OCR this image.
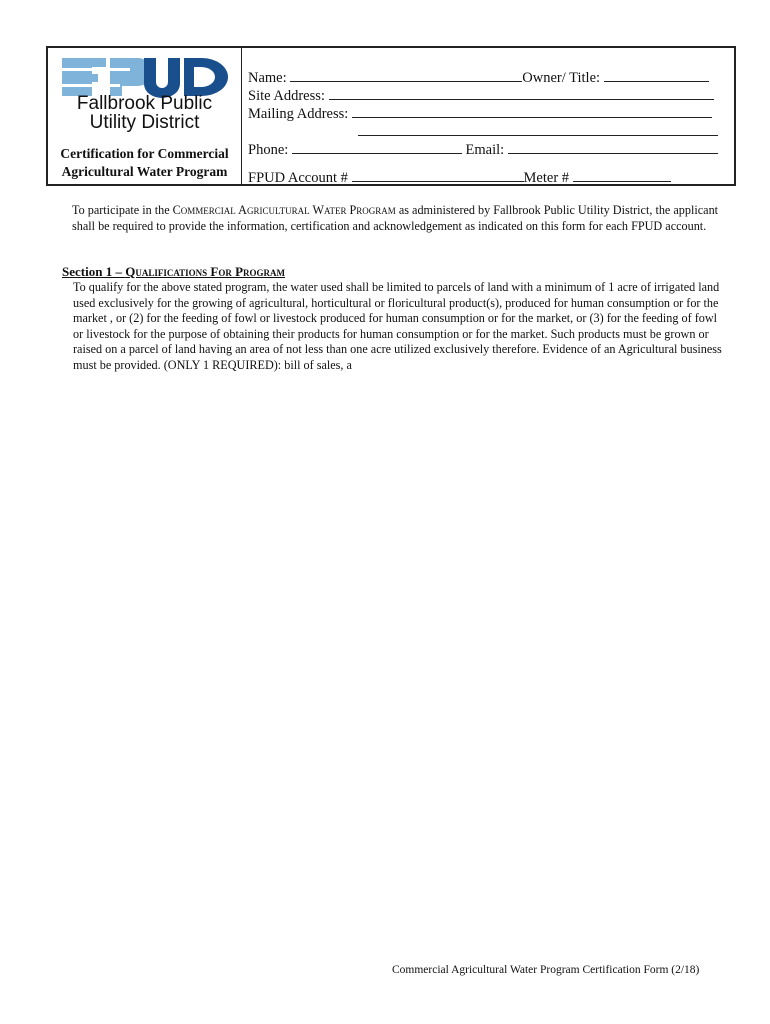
Fallbrook Public
Utility District
Certification for Commercial
Agricultural Water Program
Name:	Owner/ Title:
Site Address:
Mailing Address:
Phone:	Email:
FPUD Account #	Meter #
To participate in the Commercial Agricultural Water Program as administered by Fallbrook Public Utility District, the applicant shall be required to provide the information, certification and acknowledgement as indicated on this form for each FPUD account.
Section 1 – Qualifications For Program
To qualify for the above stated program, the water used shall be limited to parcels of land with a minimum of 1 acre of irrigated land used exclusively for the growing of agricultural, horticultural or floricultural product(s), produced for human consumption or for the market , or (2) for the feeding of fowl or livestock produced for human consumption or for the market, or (3) for the feeding of fowl or livestock for the purpose of obtaining their products for human consumption or for the market. Such products must be grown or raised on a parcel of land having an area of not less than one acre utilized exclusively therefore. Evidence of an Agricultural business must be provided. (ONLY 1 REQUIRED): bill of sales, a
Commercial Agricultural Water Program Certification Form (2/18)
